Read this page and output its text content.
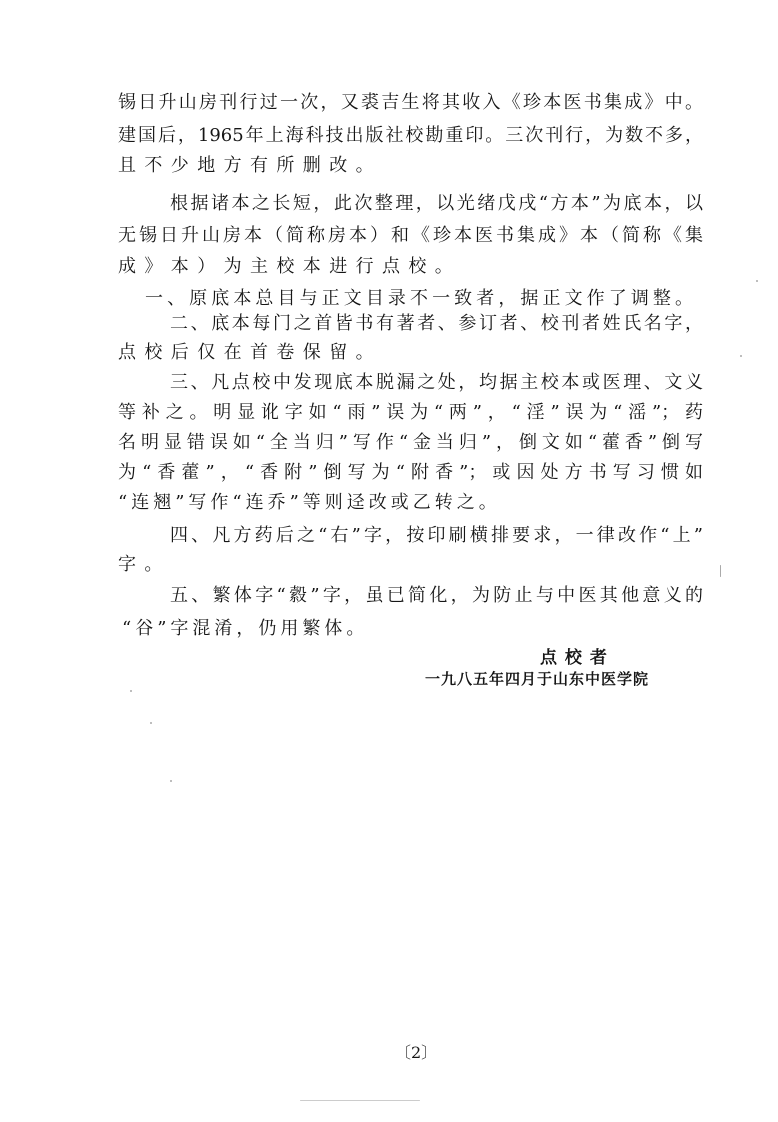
锡日升山房刊行过一次，又裘吉生将其收入《珍本医书集成》中。
建国后，1965年上海科技出版社校勘重印。三次刊行，为数不多，
且不少地方有所删改。
根据诸本之长短，此次整理，以光绪戊戌“方本”为底本，以
无锡日升山房本（简称房本）和《珍本医书集成》本（简称《集
成》本）为主校本进行点校。
一、原底本总目与正文目录不一致者，据正文作了调整。
二、底本每门之首皆书有著者、参订者、校刊者姓氏名字，
点校后仅在首卷保留。
三、凡点校中发现底本脱漏之处，均据主校本或医理、文义
等补之。明显讹字如“雨”误为“两”，“淫”误为“滛”；药
名明显错误如“全当归”写作“金当归”，倒文如“藿香”倒写
为“香藿”，“香附”倒写为“附香”；或因处方书写习惯如
“连翘”写作“连乔”等则迳改或乙转之。
四、凡方药后之“右”字，按印刷横排要求，一律改作“上”
字。
五、繁体字“縠”字，虽已简化，为防止与中医其他意义的
“谷”字混淆，仍用繁体。
点 校 者
一九八五年四月于山东中医学院
〔2〕
